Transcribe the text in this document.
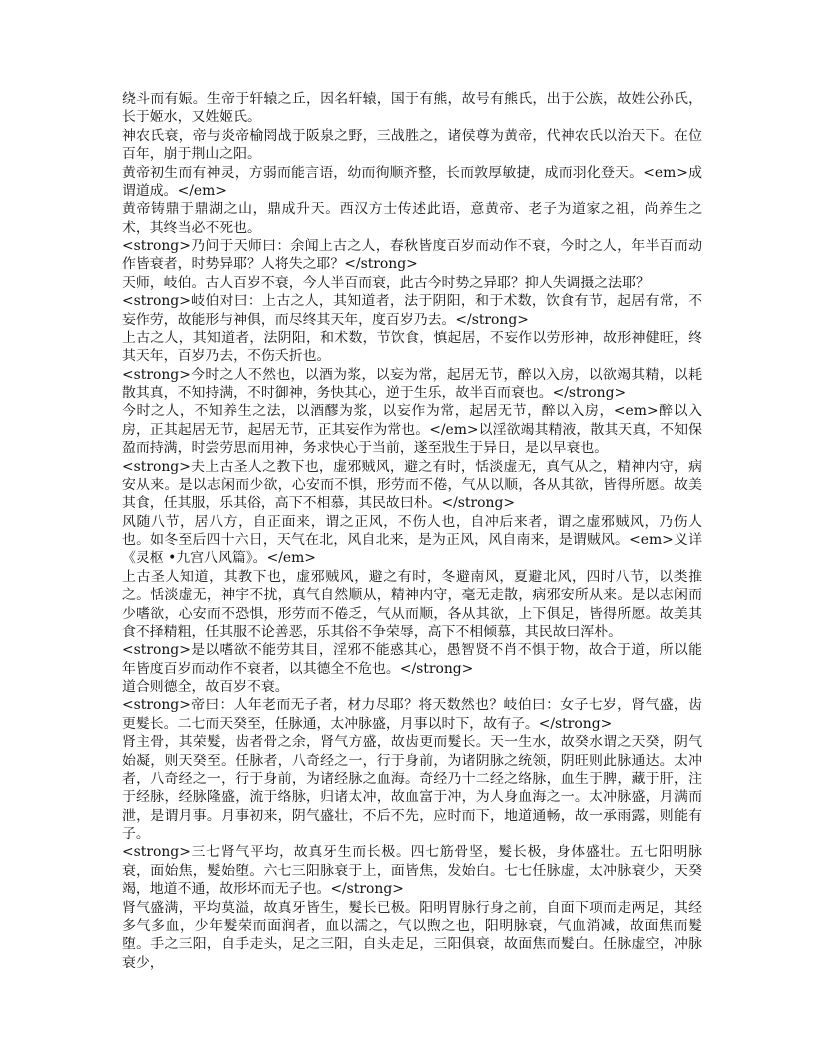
绕斗而有娠。生帝于轩辕之丘，因名轩辕，国于有熊，故号有熊氏，出于公族，故姓公孙氏，长于姬水，又姓姬氏。

神农氏衰，帝与炎帝榆罔战于阪泉之野，三战胜之，诸侯尊为黄帝，代神农氏以治天下。在位百年，崩于荆山之阳。

黄帝初生而有神灵，方弱而能言语，幼而徇顺齐整，长而敦厚敏捷，成而羽化登天。<em>成谓道成。</em>

黄帝铸鼎于鼎湖之山，鼎成升天。西汉方士传述此语，意黄帝、老子为道家之祖，尚养生之术，其终当必不死也。

<strong>乃问于天师曰：余闻上古之人，春秋皆度百岁而动作不衰，今时之人，年半百而动作皆衰者，时势异耶？人将失之耶？</strong>

天师，岐伯。古人百岁不衰，今人半百而衰，此古今时势之异耶？抑人失调摄之法耶？

<strong>岐伯对曰：上古之人，其知道者，法于阴阳，和于术数，饮食有节，起居有常，不妄作劳，故能形与神俱，而尽终其天年，度百岁乃去。</strong>

上古之人，其知道者，法阴阳，和术数，节饮食，慎起居，不妄作以劳形神，故形神健旺，终其天年，百岁乃去，不伤夭折也。

<strong>今时之人不然也，以酒为浆，以妄为常，起居无节，醉以入房，以欲竭其精，以耗散其真，不知持满，不时御神，务快其心，逆于生乐，故半百而衰也。</strong>

今时之人，不知养生之法，以酒醪为浆，以妄作为常，起居无节，醉以入房，<em>醉以入房，正其起居无节，起居无节，正其妄作为常也。</em>以淫欲竭其精液，散其天真，不知保盈而持满，时尝劳思而用神，务求快心于当前，遂至戕生于异日，是以早衰也。

<strong>夫上古圣人之教下也，虚邪贼风，避之有时，恬淡虚无，真气从之，精神内守，病安从来。是以志闲而少欲，心安而不惧，形劳而不倦，气从以顺，各从其欲，皆得所愿。故美其食，任其服，乐其俗，高下不相慕，其民故曰朴。</strong>

风随八节，居八方，自正面来，谓之正风，不伤人也，自冲后来者，谓之虚邪贼风，乃伤人也。如冬至后四十六日，天气在北，风自北来，是为正风，风自南来，是谓贼风。<em>义详《灵枢 •九宫八风篇》。</em>

上古圣人知道，其教下也，虚邪贼风，避之有时，冬避南风，夏避北风，四时八节，以类推之。恬淡虚无，神宇不扰，真气自然顺从，精神内守，毫无走散，病邪安所从来。是以志闲而少嗜欲，心安而不恐惧，形劳而不倦乏，气从而顺，各从其欲，上下俱足，皆得所愿。故美其食不择精粗，任其服不论善恶，乐其俗不争荣辱，高下不相倾慕，其民故曰浑朴。

<strong>是以嗜欲不能劳其目，淫邪不能惑其心，愚智贤不肖不惧于物，故合于道，所以能年皆度百岁而动作不衰者，以其德全不危也。</strong>

道合则德全，故百岁不衰。

<strong>帝曰：人年老而无子者，材力尽耶？将天数然也？岐伯曰：女子七岁，肾气盛，齿更髮长。二七而天癸至，任脉通，太冲脉盛，月事以时下，故有子。</strong>

肾主骨，其荣髮，齿者骨之余，肾气方盛，故齿更而髮长。天一生水，故癸水谓之天癸，阴气始凝，则天癸至。任脉者，八奇经之一，行于身前，为诸阴脉之统领，阴旺则此脉通达。太冲者，八奇经之一，行于身前，为诸经脉之血海。奇经乃十二经之络脉，血生于脾，藏于肝，注于经脉，经脉隆盛，流于络脉，归诸太冲，故血富于冲，为人身血海之一。太冲脉盛，月满而泄，是谓月事。月事初来，阴气盛壮，不后不先，应时而下，地道通畅，故一承雨露，则能有子。

<strong>三七肾气平均，故真牙生而长极。四七筋骨坚，髮长极，身体盛壮。五七阳明脉衰，面始焦，髮始堕。六七三阳脉衰于上，面皆焦，发始白。七七任脉虚，太冲脉衰少，天癸竭，地道不通，故形坏而无子也。</strong>

肾气盛满，平均莫溢，故真牙皆生，髮长已极。阳明胃脉行身之前，自面下项而走两足，其经多气多血，少年髮荣而面润者，血以濡之，气以煦之也，阳明脉衰，气血消减，故面焦而髮堕。手之三阳，自手走头，足之三阳，自头走足，三阳俱衰，故面焦而髮白。任脉虚空，冲脉衰少，
